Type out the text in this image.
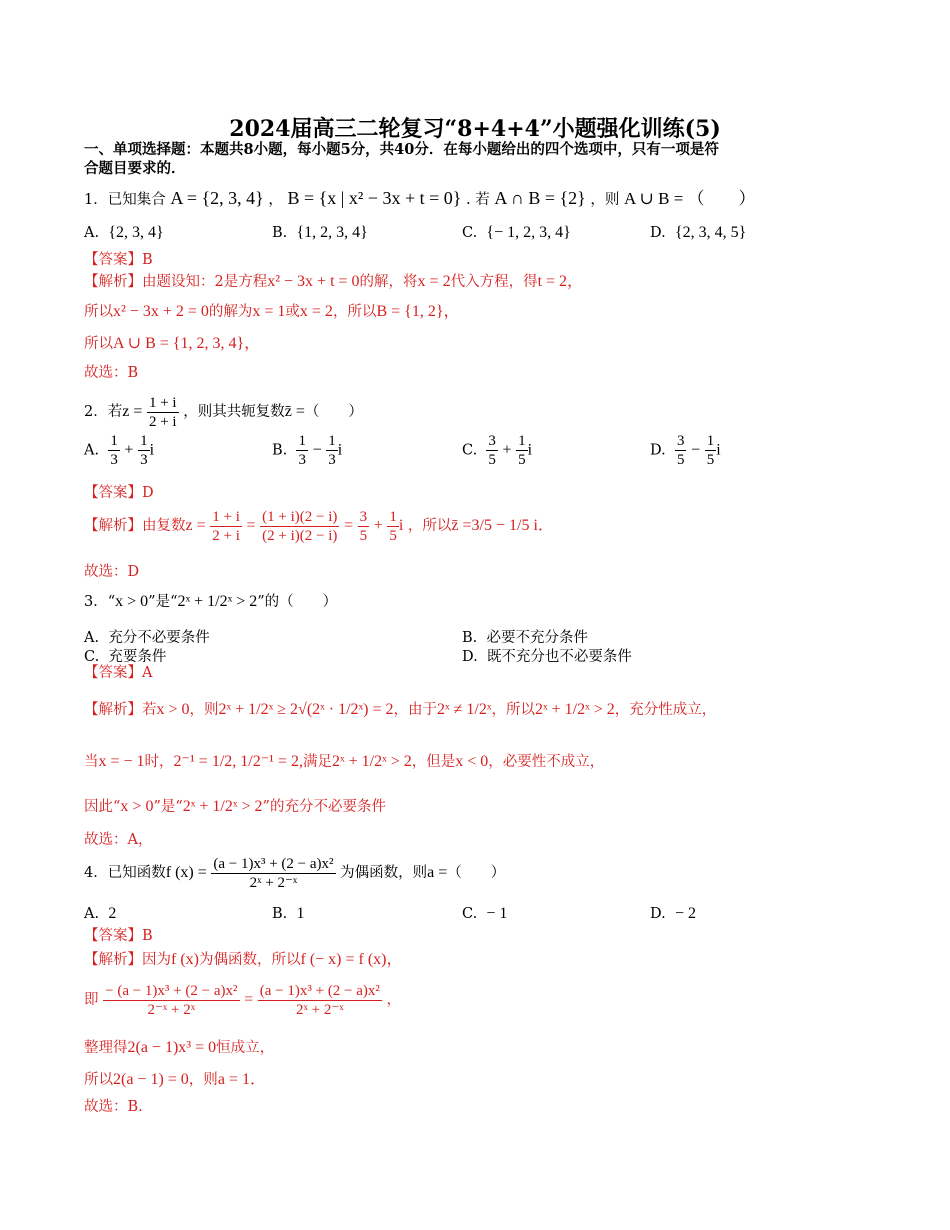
2024届高三二轮复习“8+4+4”小题强化训练(5)
一、单项选择题：本题共8小题，每小题5分，共40分．在每小题给出的四个选项中，只有一项是符
合题目要求的．
1．已知集合 A = {2, 3, 4} ， B = {x | x² − 3x + t = 0} . 若 A ∩ B = {2} ，则 A ∪ B = （　　）
A. {2, 3, 4}	B. {1, 2, 3, 4}	C. {− 1, 2, 3, 4}	D. {2, 3, 4, 5}
【答案】B
【解析】由题设知：2是方程x² − 3x + t = 0的解，将x = 2代入方程，得t = 2，
所以x² − 3x + 2 = 0的解为x = 1或x = 2，所以B = {1, 2}，
所以A ∪ B = {1, 2, 3, 4}，
故选：B
2．若$z = \frac{1 + i}{2 + i}$ ，则其共轭复数z̄ =（　　）
A. $\frac{1}{3} + \frac{1}{3}$ i	B. $\frac{1}{3} - \frac{1}{3}$ i	C. $\frac{3}{5} + \frac{1}{5}$ i	D. $\frac{3}{5} - \frac{1}{5}$ i
【答案】D
【解析】由复数$z = \frac{1 + i}{2 + i} = \frac{(1 + i)(2 - i)}{(2 + i)(2 - i)} = \frac{3}{5} + \frac{1}{5}$ i ，所以z̄ =3/5 − 1/5 i．
故选：D
3．“x > 0”是“2ˣ + 1/2ˣ > 2”的（　　）
A. 充分不必要条件	B. 必要不充分条件
C. 充要条件	D. 既不充分也不必要条件
【答案】A
【解析】若x > 0，则2ˣ + 1/2ˣ ≥ 2√(2ˣ · 1/2ˣ) = 2，由于2ˣ ≠ 1/2ˣ，所以2ˣ + 1/2ˣ > 2，充分性成立，
当x = − 1时，2⁻¹ = 1/2, 1/2⁻¹ = 2,满足2ˣ + 1/2ˣ > 2，但是x < 0，必要性不成立，
因此“x > 0”是“2ˣ + 1/2ˣ > 2”的充分不必要条件
故选：A，
4．已知函数f $(x) = \frac{\text{(a − 1)x³ + (2 − a)x²}}{\text{2ˣ + 2⁻ˣ}}$ 为偶函数，则a =（　　）
A. 2	B. 1	C. − 1	D. − 2
【答案】B
【解析】因为f (x)为偶函数，所以f (− x) = f (x)，
即 $\frac{\text{− (a − 1)x³ + (2 − a)x²}}{\text{2⁻ˣ + 2ˣ}} = \frac{\text{(a − 1)x³ + (2 − a)x²}}{\text{2ˣ + 2⁻ˣ}}$ ，
整理得2(a − 1)x³ = 0恒成立，
所以2(a − 1) = 0，则a = 1．
故选：B.
